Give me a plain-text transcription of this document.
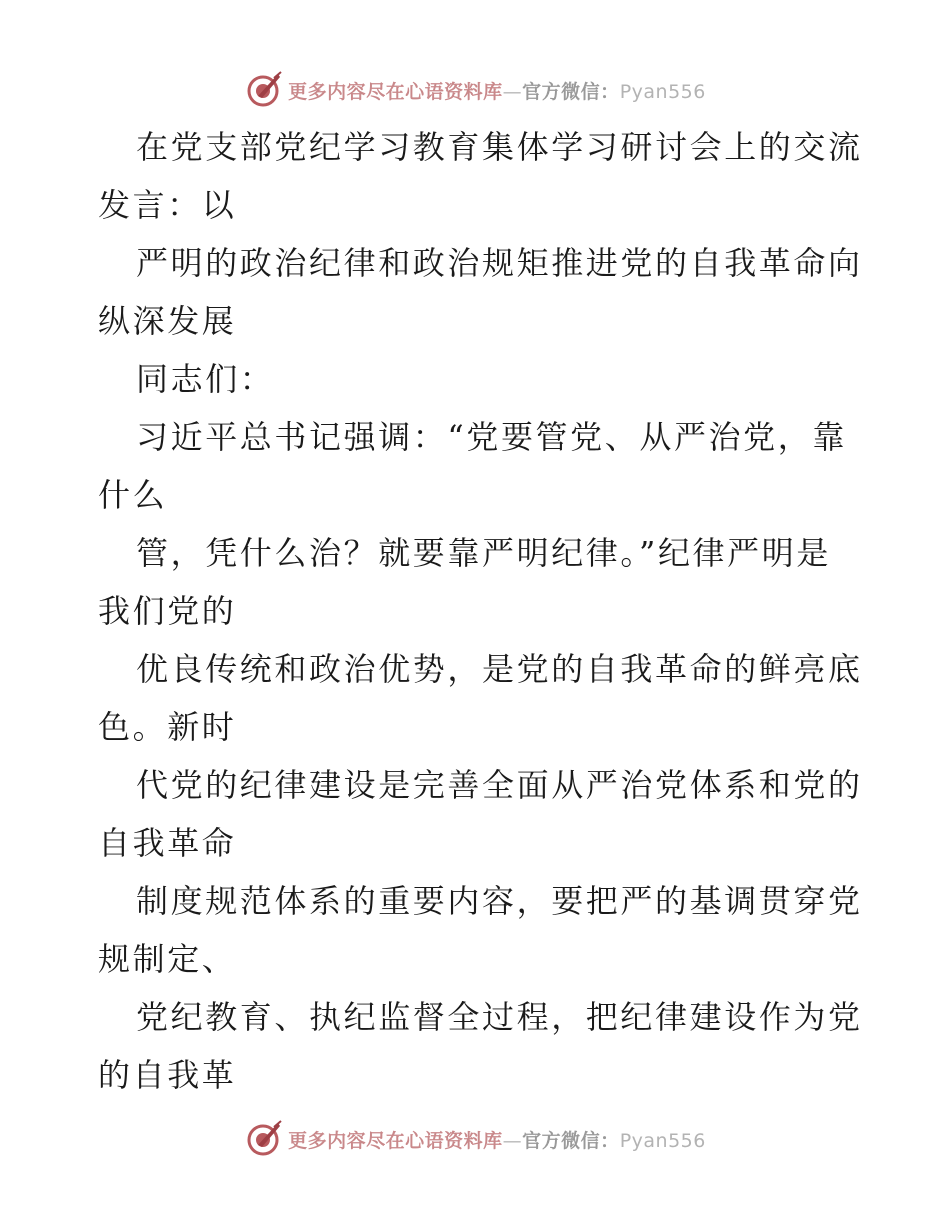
更多内容尽在心语资料库—官方微信：Pyan556
在党支部党纪学习教育集体学习研讨会上的交流
发言：以
严明的政治纪律和政治规矩推进党的自我革命向
纵深发展
同志们：
习近平总书记强调：“党要管党、从严治党，靠
什么
管，凭什么治？就要靠严明纪律。”纪律严明是
我们党的
优良传统和政治优势，是党的自我革命的鲜亮底
色。新时
代党的纪律建设是完善全面从严治党体系和党的
自我革命
制度规范体系的重要内容，要把严的基调贯穿党
规制定、
党纪教育、执纪监督全过程，把纪律建设作为党
的自我革
更多内容尽在心语资料库—官方微信：Pyan556
